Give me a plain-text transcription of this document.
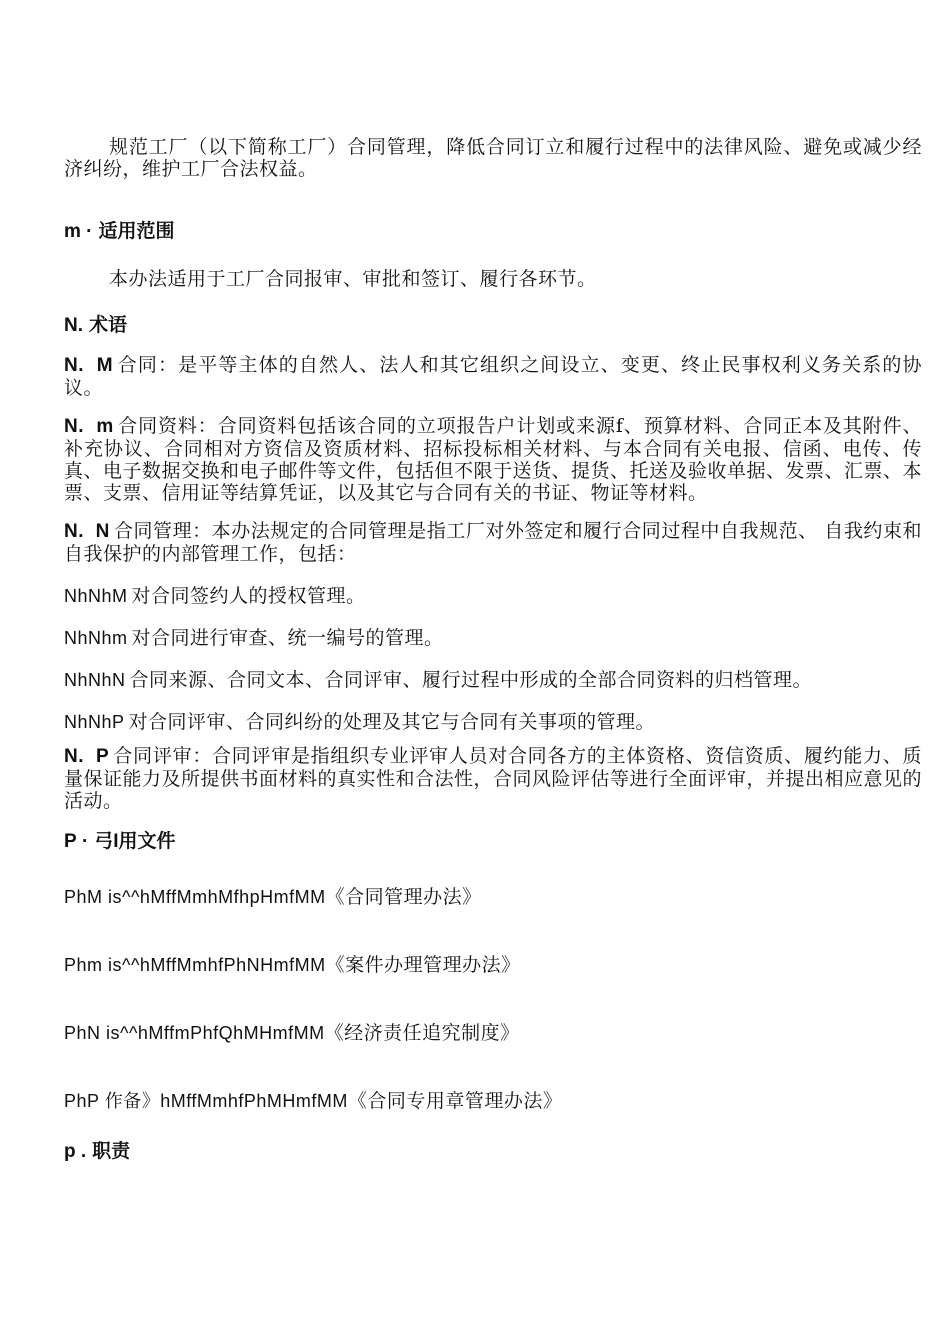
规范工厂（以下简称工厂）合同管理，降低合同订立和履行过程中的法律风险、避免或减少经济纠纷，维护工厂合法权益。

m · 适用范围

本办法适用于工厂合同报审、审批和签订、履行各环节。

N. 术语

N.  M 合同：是平等主体的自然人、法人和其它组织之间设立、变更、终止民事权利义务关系的协议。

N.  m 合同资料：合同资料包括该合同的立项报告户计划或来源f、预算材料、合同正本及其附件、补充协议、合同相对方资信及资质材料、招标投标相关材料、与本合同有关电报、信函、电传、传真、电子数据交换和电子邮件等文件，包括但不限于送货、提货、托送及验收单据、发票、汇票、本票、支票、信用证等结算凭证，以及其它与合同有关的书证、物证等材料。

N.  N 合同管理：本办法规定的合同管理是指工厂对外签定和履行合同过程中自我规范、 自我约束和自我保护的内部管理工作，包括：

NhNhM 对合同签约人的授权管理。

NhNhm 对合同进行审查、统一编号的管理。

NhNhN 合同来源、合同文本、合同评审、履行过程中形成的全部合同资料的归档管理。

NhNhP 对合同评审、合同纠纷的处理及其它与合同有关事项的管理。

N.  P 合同评审：合同评审是指组织专业评审人员对合同各方的主体资格、资信资质、履约能力、质量保证能力及所提供书面材料的真实性和合法性，合同风险评估等进行全面评审，并提出相应意见的活动。

P · 弓I用文件

PhM is^^hMffMmhMfhpHmfMM《合同管理办法》

Phm is^^hMffMmhfPhNHmfMM《案件办理管理办法》

PhN is^^hMffmPhfQhMHmfMM《经济责任追究制度》

PhP 作备》hMffMmhfPhMHmfMM《合同专用章管理办法》

p . 职责
